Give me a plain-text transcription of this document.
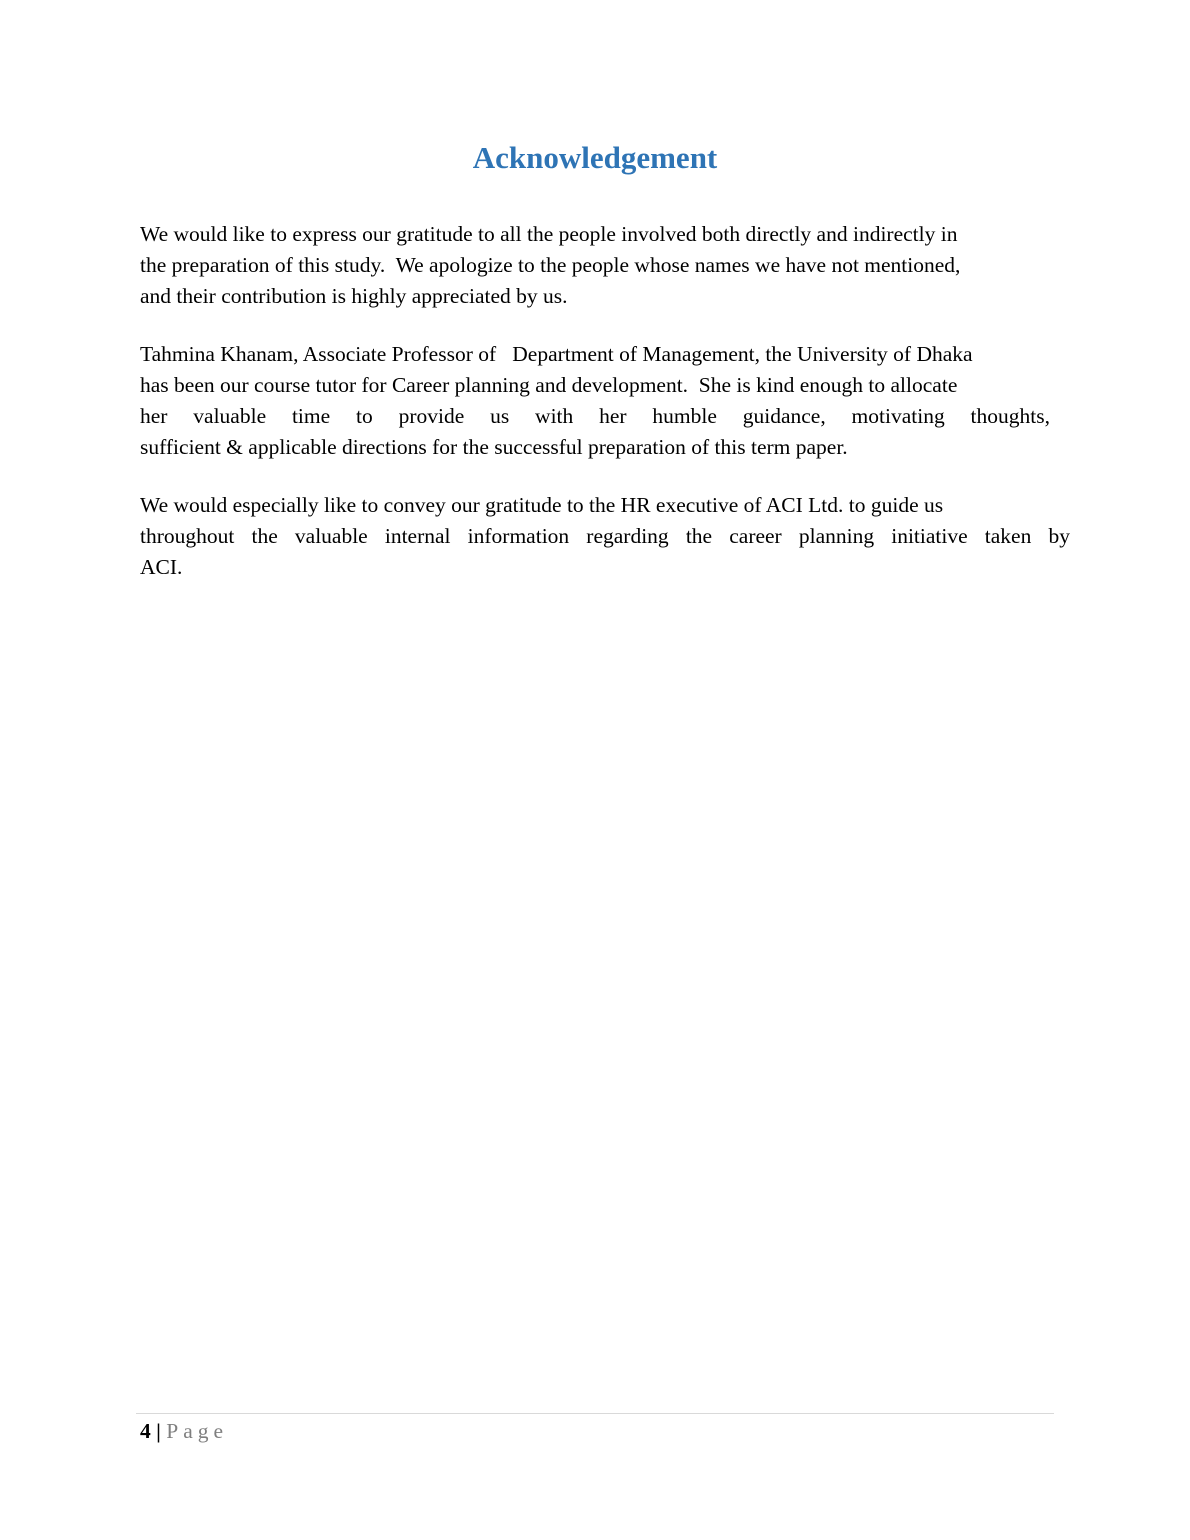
Acknowledgement

We would like to express our gratitude to all the people involved both directly and indirectly in
the preparation of this study.  We apologize to the people whose names we have not mentioned,
and their contribution is highly appreciated by us.

Tahmina Khanam, Associate Professor of   Department of Management, the University of Dhaka
has been our course tutor for Career planning and development.  She is kind enough to allocate
her valuable time to provide us with her humble guidance, motivating thoughts,
sufficient & applicable directions for the successful preparation of this term paper.

We would especially like to convey our gratitude to the HR executive of ACI Ltd. to guide us
throughout the valuable internal information regarding the career planning initiative taken by
ACI.

4 | Page
